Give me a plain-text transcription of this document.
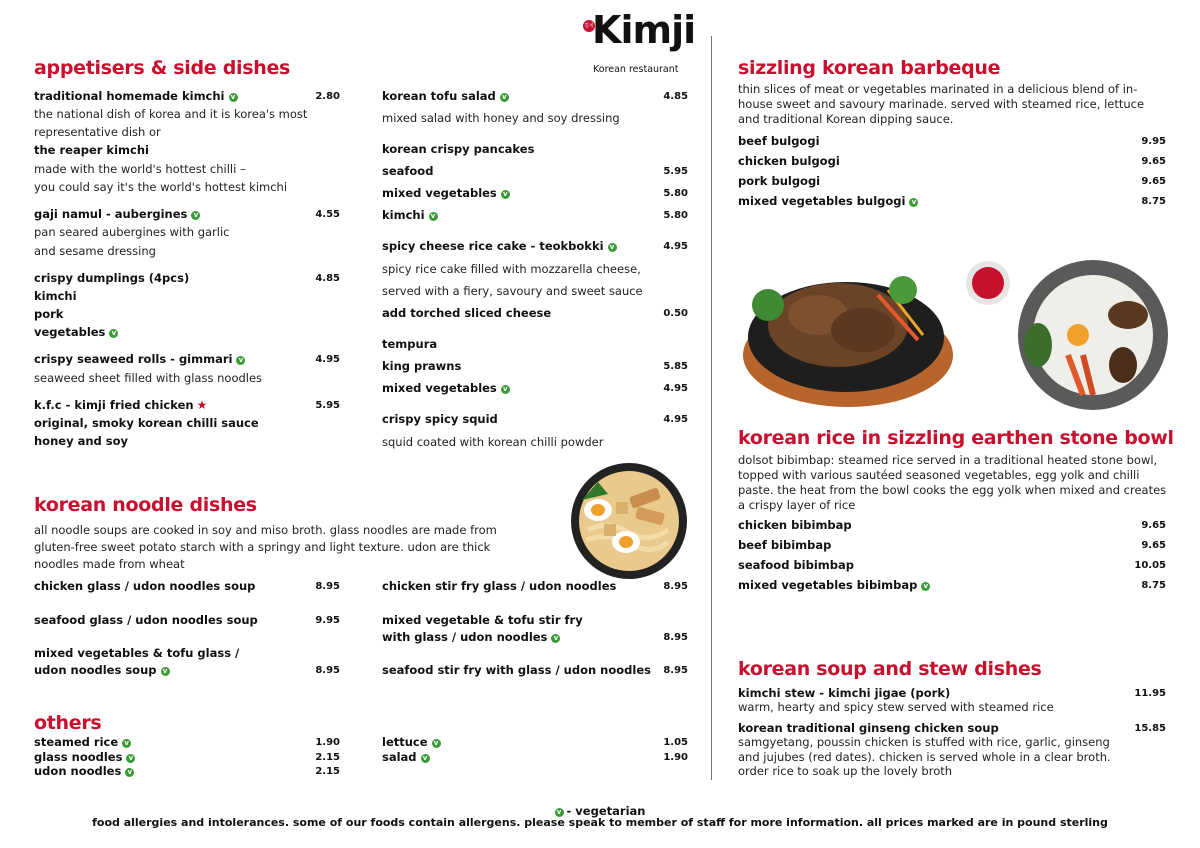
김치
Kimji
Korean restaurant
appetisers & side dishes
traditional homemade kimchi v	2.80
the national dish of korea and it is korea's most
representative dish or
the reaper kimchi
made with the world's hottest chilli –
you could say it's the world's hottest kimchi
gaji namul - aubergines v	4.55
pan seared aubergines with garlic
and sesame dressing
crispy dumplings (4pcs)	4.85
kimchi
pork
vegetables v
crispy seaweed rolls - gimmari v	4.95
seaweed sheet filled with glass noodles
k.f.c - kimji fried chicken ★	5.95
original, smoky korean chilli sauce
honey and soy
korean tofu salad v	4.85
mixed salad with honey and soy dressing
korean crispy pancakes
seafood	5.95
mixed vegetables v	5.80
kimchi v	5.80
spicy cheese rice cake - teokbokki v	4.95
spicy rice cake filled with mozzarella cheese,
served with a fiery, savoury and sweet sauce
add torched sliced cheese	0.50
tempura
king prawns	5.85
mixed vegetables v	4.95
crispy spicy squid	4.95
squid coated with korean chilli powder
korean noodle dishes
all noodle soups are cooked in soy and miso broth. glass noodles are made from gluten-free sweet potato starch with a springy and light texture. udon are thick noodles made from wheat
chicken glass / udon noodles soup	8.95
seafood glass / udon noodles soup	9.95
mixed vegetables & tofu glass /
udon noodles soup v	8.95
chicken stir fry glass / udon noodles	8.95
mixed vegetable & tofu stir fry
with glass / udon noodles v	8.95
seafood stir fry with glass / udon noodles	8.95
others
steamed rice v	1.90
glass noodles v	2.15
udon noodles v	2.15
lettuce v	1.05
salad v	1.90
sizzling korean barbeque
thin slices of meat or vegetables marinated in a delicious blend of in-house sweet and savoury marinade. served with steamed rice, lettuce and traditional Korean dipping sauce.
beef bulgogi	9.95
chicken bulgogi	9.65
pork bulgogi	9.65
mixed vegetables bulgogi v	8.75
korean rice in sizzling earthen stone bowl
dolsot bibimbap: steamed rice served in a traditional heated stone bowl, topped with various sautéed seasoned vegetables, egg yolk and chilli paste. the heat from the bowl cooks the egg yolk when mixed and creates a crispy layer of rice
chicken bibimbap	9.65
beef bibimbap	9.65
seafood bibimbap	10.05
mixed vegetables bibimbap v	8.75
korean soup and stew dishes
kimchi stew - kimchi jigae (pork)	11.95
warm, hearty and spicy stew served with steamed rice
korean traditional ginseng chicken soup	15.85
samgyetang, poussin chicken is stuffed with rice, garlic, ginseng and jujubes (red dates). chicken is served whole in a clear broth. order rice to soak up the lovely broth
v - vegetarian
food allergies and intolerances. some of our foods contain allergens. please speak to member of staff for more information. all prices marked are in pound sterling
